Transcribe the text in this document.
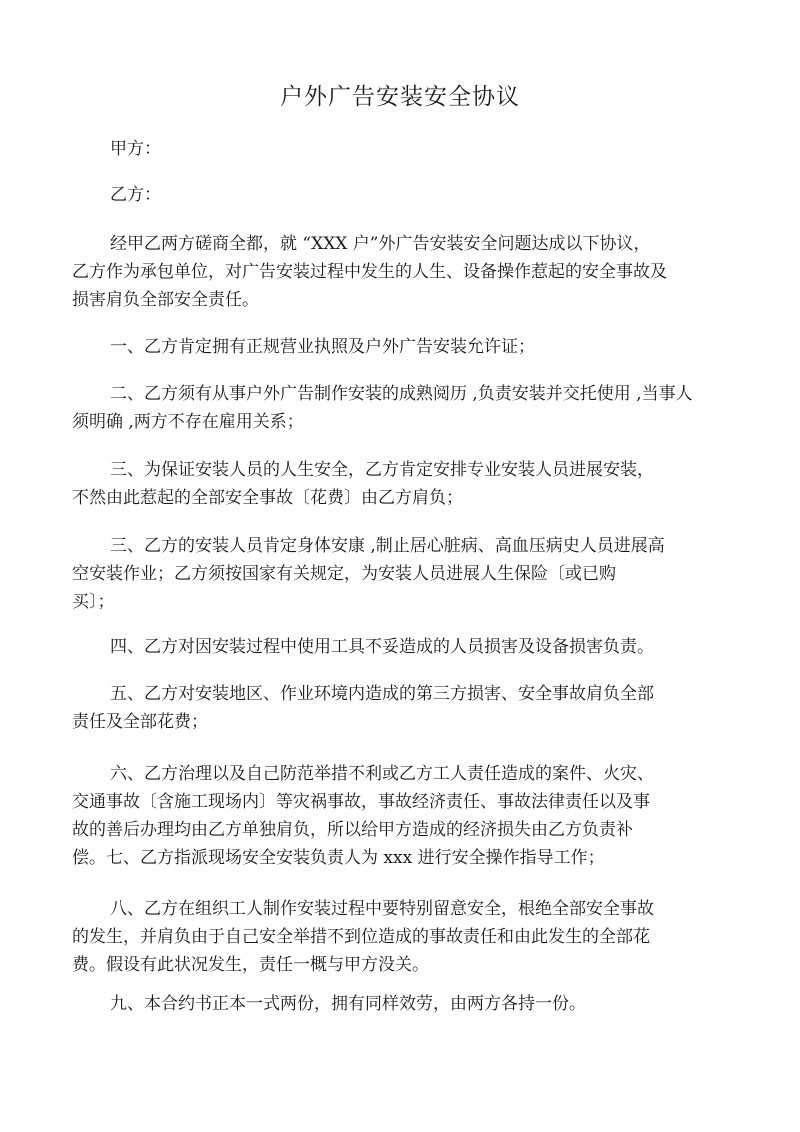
户外广告安装安全协议
甲方：
乙方：
经甲乙两方磋商全都，就 “XXX 户”外广告安装安全问题达成以下协议，
乙方作为承包单位，对广告安装过程中发生的人生、设备操作惹起的安全事故及
损害肩负全部安全责任。
一、乙方肯定拥有正规营业执照及户外广告安装允许证；
二、乙方须有从事户外广告制作安装的成熟阅历 ,负责安装并交托使用 ,当事人
须明确 ,两方不存在雇用关系；
三、为保证安装人员的人生安全，乙方肯定安排专业安装人员进展安装，
不然由此惹起的全部安全事故〔花费〕由乙方肩负；
三、乙方的安装人员肯定身体安康 ,制止居心脏病、高血压病史人员进展高
空安装作业；乙方须按国家有关规定，为安装人员进展人生保险〔或已购
买〕；
四、乙方对因安装过程中使用工具不妥造成的人员损害及设备损害负责。
五、乙方对安装地区、作业环境内造成的第三方损害、安全事故肩负全部
责任及全部花费；
六、乙方治理以及自己防范举措不利或乙方工人责任造成的案件、火灾、
交通事故〔含施工现场内〕等灾祸事故，事故经济责任、事故法律责任以及事
故的善后办理均由乙方单独肩负，所以给甲方造成的经济损失由乙方负责补
偿。七、乙方指派现场安全安装负责人为 xxx 进行安全操作指导工作；
八、乙方在组织工人制作安装过程中要特别留意安全，根绝全部安全事故
的发生，并肩负由于自己安全举措不到位造成的事故责任和由此发生的全部花
费。假设有此状况发生，责任一概与甲方没关。
九、本合约书正本一式两份，拥有同样效劳，由两方各持一份。
